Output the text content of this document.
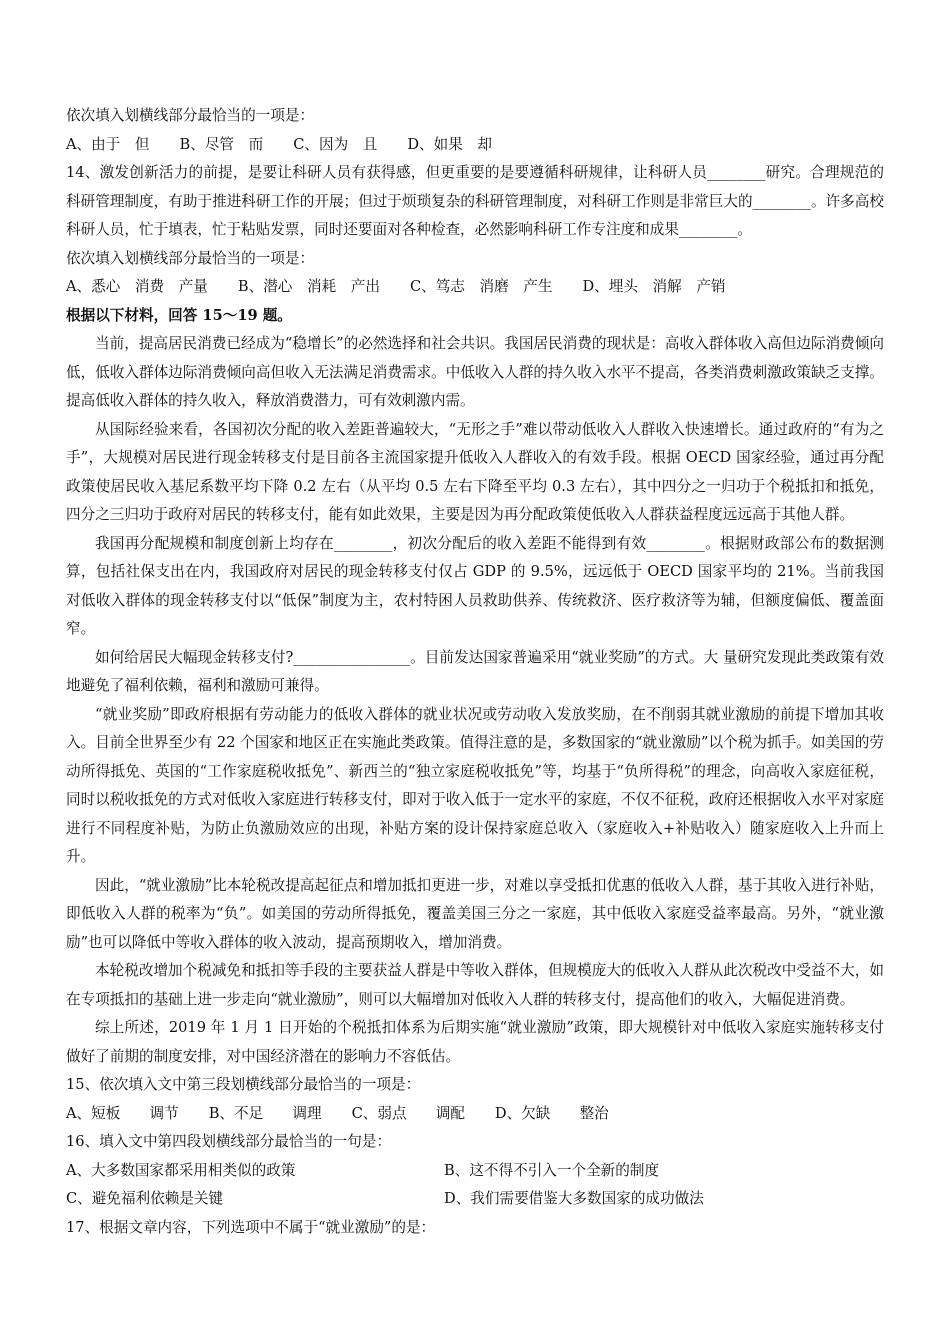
依次填入划横线部分最恰当的一项是：
A、由于　但 B、尽管　而 C、因为　且 D、如果　却

14、激发创新活力的前提，是要让科研人员有获得感，但更重要的是要遵循科研规律，让科研人员________研究。合理规范的科研管理制度，有助于推进科研工作的开展；但过于烦琐复杂的科研管理制度，对科研工作则是非常巨大的________。许多高校科研人员，忙于填表，忙于粘贴发票，同时还要面对各种检查，必然影响科研工作专注度和成果________。

依次填入划横线部分最恰当的一项是：
A、悉心　消费　产量 B、潜心　消耗　产出 C、笃志　消磨　产生 D、埋头　消解　产销
根据以下材料，回答 15～19 题。

当前，提高居民消费已经成为“稳增长”的必然选择和社会共识。我国居民消费的现状是：高收入群体收入高但边际消费倾向低，低收入群体边际消费倾向高但收入无法满足消费需求。中低收入人群的持久收入水平不提高，各类消费刺激政策缺乏支撑。提高低收入群体的持久收入，释放消费潜力，可有效刺激内需。

从国际经验来看，各国初次分配的收入差距普遍较大，“无形之手”难以带动低收入人群收入快速增长。通过政府的“有为之手”，大规模对居民进行现金转移支付是目前各主流国家提升低收入人群收入的有效手段。根据 OECD 国家经验，通过再分配政策使居民收入基尼系数平均下降 0.2 左右（从平均 0.5 左右下降至平均 0.3 左右），其中四分之一归功于个税抵扣和抵免，四分之三归功于政府对居民的转移支付，能有如此效果，主要是因为再分配政策使低收入人群获益程度远远高于其他人群。

我国再分配规模和制度创新上均存在________，初次分配后的收入差距不能得到有效________。根据财政部公布的数据测算，包括社保支出在内，我国政府对居民的现金转移支付仅占 GDP 的 9.5%，远远低于 OECD 国家平均的 21%。当前我国对低收入群体的现金转移支付以“低保”制度为主，农村特困人员救助供养、传统救济、医疗救济等为辅，但额度偏低、覆盖面窄。

如何给居民大幅现金转移支付?________________。目前发达国家普遍采用“就业奖励”的方式。大 量研究发现此类政策有效地避免了福利依赖，福利和激励可兼得。

“就业奖励”即政府根据有劳动能力的低收入群体的就业状况或劳动收入发放奖励，在不削弱其就业激励的前提下增加其收入。目前全世界至少有 22 个国家和地区正在实施此类政策。值得注意的是，多数国家的“就业激励”以个税为抓手。如美国的劳动所得抵免、英国的“工作家庭税收抵免”、新西兰的“独立家庭税收抵免”等，均基于“负所得税”的理念，向高收入家庭征税，同时以税收抵免的方式对低收入家庭进行转移支付，即对于收入低于一定水平的家庭，不仅不征税，政府还根据收入水平对家庭进行不同程度补贴，为防止负激励效应的出现，补贴方案的设计保持家庭总收入（家庭收入+补贴收入）随家庭收入上升而上升。

因此，“就业激励”比本轮税改提高起征点和增加抵扣更进一步，对难以享受抵扣优惠的低收入人群，基于其收入进行补贴，即低收入人群的税率为“负”。如美国的劳动所得抵免，覆盖美国三分之一家庭，其中低收入家庭受益率最高。另外，“就业激励”也可以降低中等收入群体的收入波动，提高预期收入，增加消费。

本轮税改增加个税减免和抵扣等手段的主要获益人群是中等收入群体，但规模庞大的低收入人群从此次税改中受益不大，如在专项抵扣的基础上进一步走向“就业激励”，则可以大幅增加对低收入人群的转移支付，提高他们的收入，大幅促进消费。

综上所述，2019 年 1 月 1 日开始的个税抵扣体系为后期实施“就业激励”政策，即大规模针对中低收入家庭实施转移支付做好了前期的制度安排，对中国经济潜在的影响力不容低估。

15、依次填入文中第三段划横线部分最恰当的一项是：
A、短板　　调节 B、不足　　调理 C、弱点　　调配 D、欠缺　　整治
16、填入文中第四段划横线部分最恰当的一句是：
A、大多数国家都采用相类似的政策	B、这不得不引入一个全新的制度
C、避免福利依赖是关键	D、我们需要借鉴大多数国家的成功做法
17、根据文章内容，下列选项中不属于“就业激励”的是：
